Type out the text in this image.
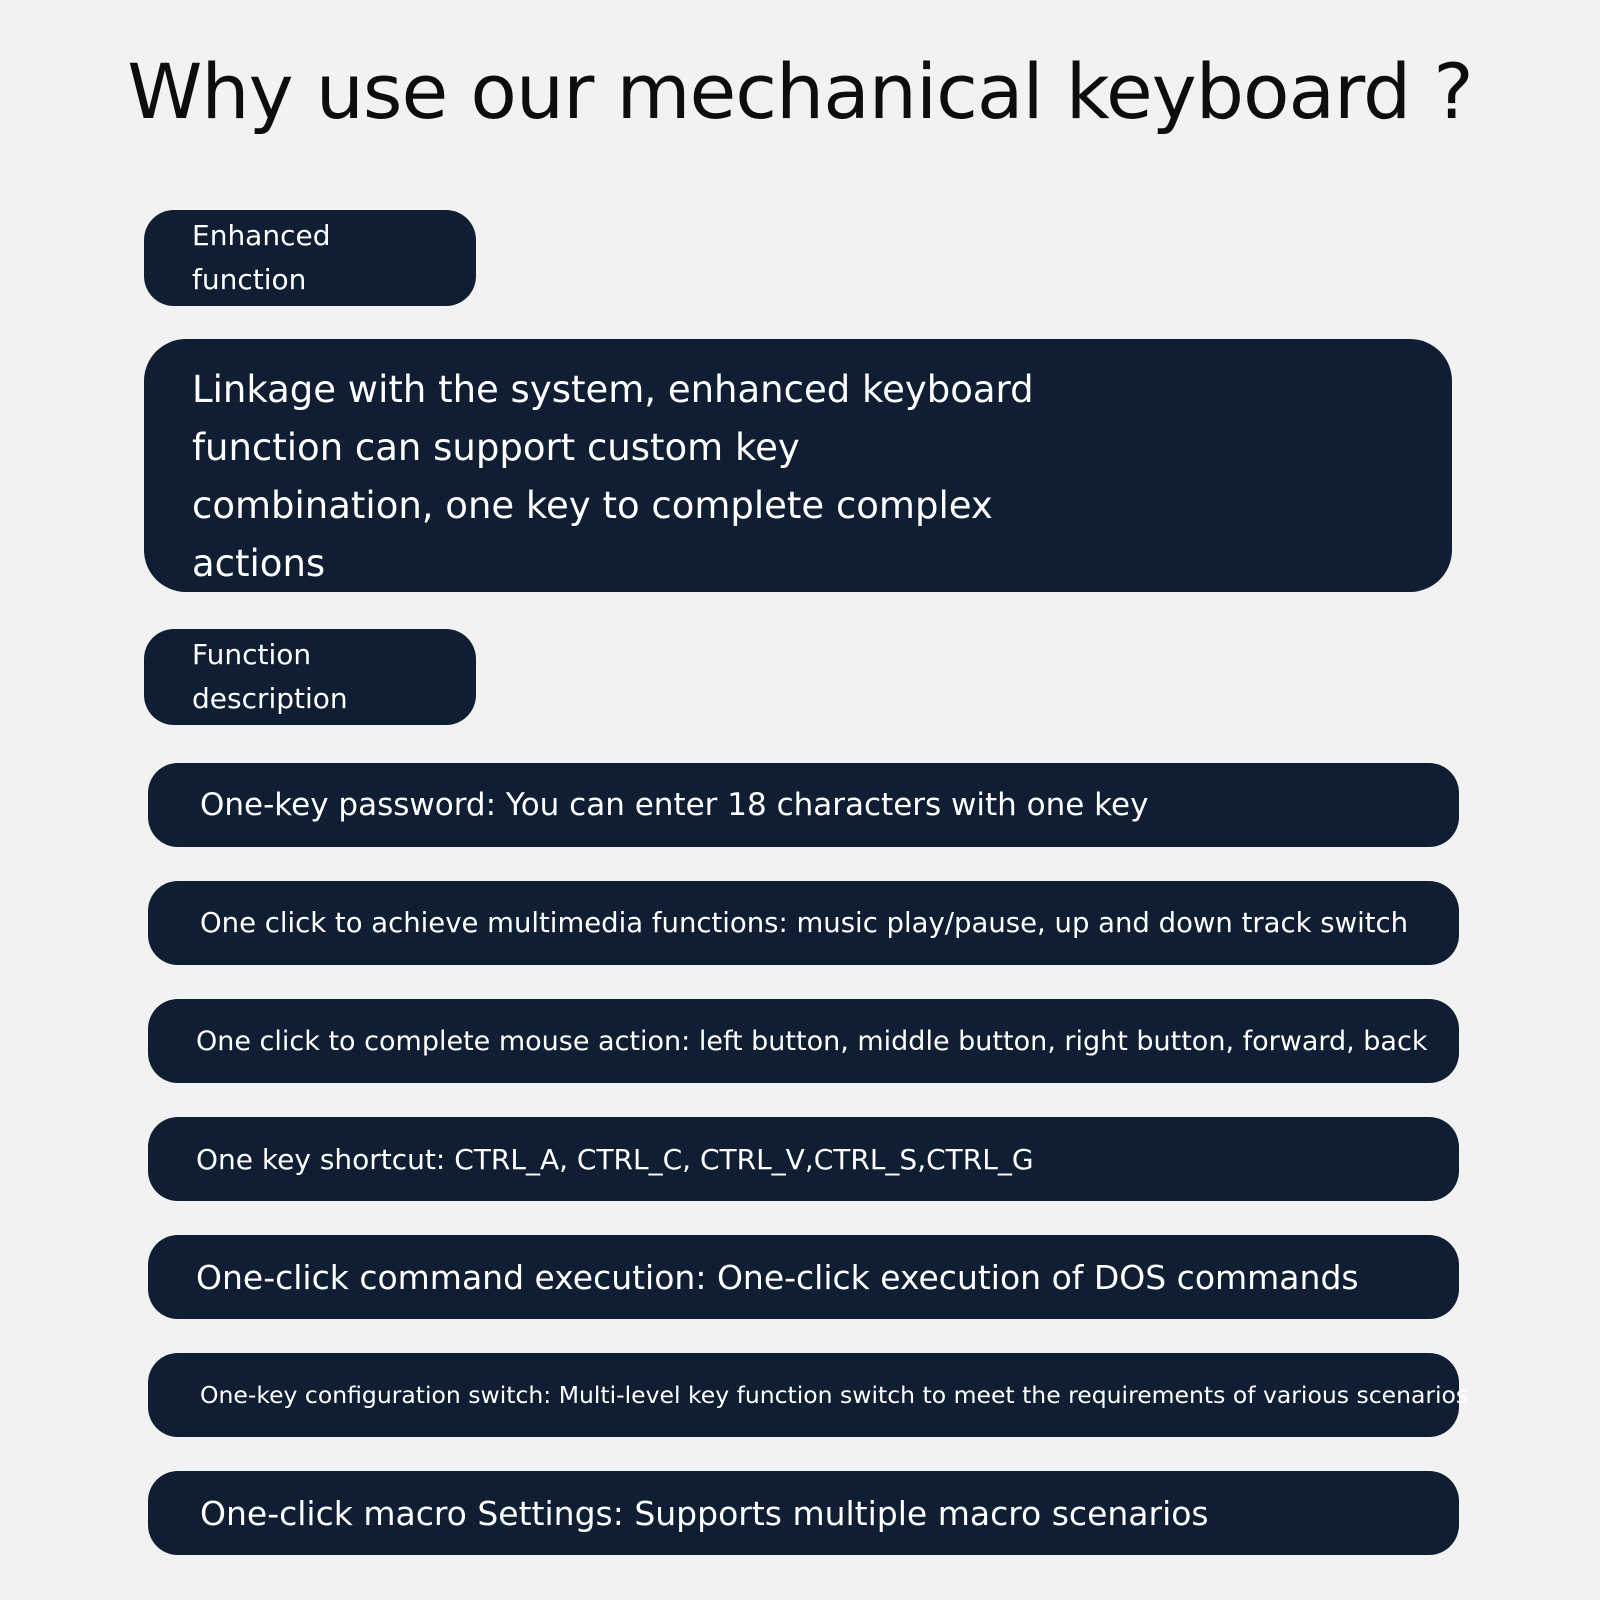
Why use our mechanical keyboard ?
Enhanced function
Linkage with the system, enhanced keyboard function can support custom key combination, one key to complete complex actions
Function description
One-key password: You can enter 18 characters with one key
One click to achieve multimedia functions: music play/pause, up and down track switch
One click to complete mouse action: left button, middle button, right button, forward, back
One key shortcut: CTRL_A, CTRL_C, CTRL_V,CTRL_S,CTRL_G
One-click command execution: One-click execution of DOS commands
One-key configuration switch: Multi-level key function switch to meet the requirements of various scenarios
One-click macro Settings: Supports multiple macro scenarios
